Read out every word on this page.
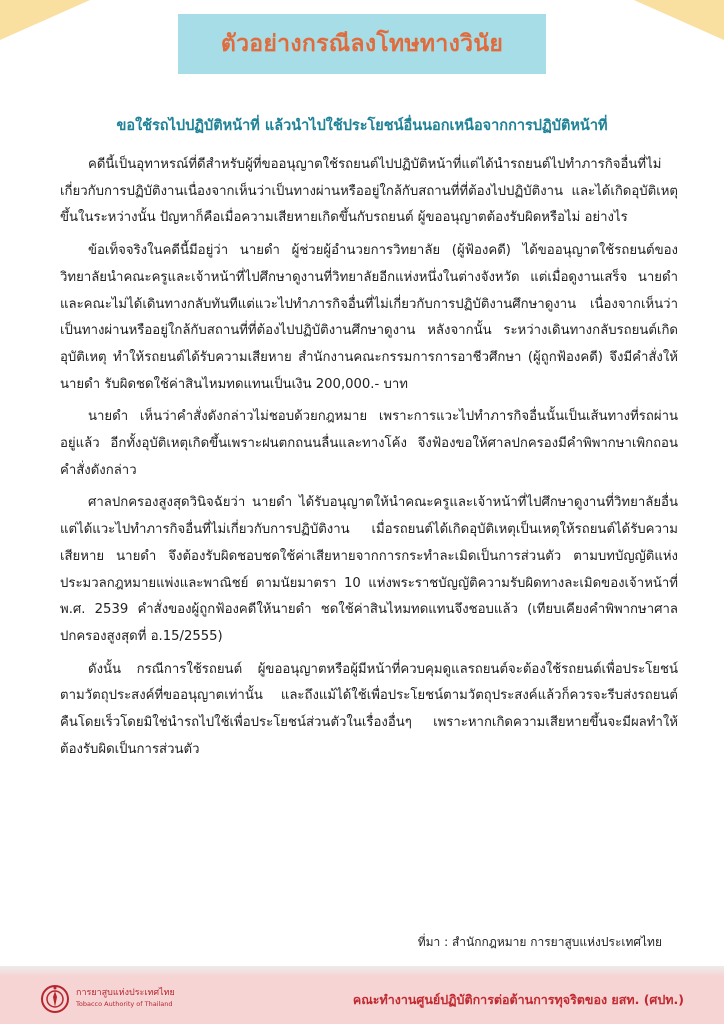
ตัวอย่างกรณีลงโทษทางวินัย
ขอใช้รถไปปฏิบัติหน้าที่ แล้วนำไปใช้ประโยชน์อื่นนอกเหนือจากการปฏิบัติหน้าที่

คดีนี้เป็นอุทาหรณ์ที่ดีสำหรับผู้ที่ขออนุญาตใช้รถยนต์ไปปฏิบัติหน้าที่แต่ได้นำรถยนต์ไปทำภารกิจอื่นที่ไม่เกี่ยวกับการปฏิบัติงานเนื่องจากเห็นว่าเป็นทางผ่านหรืออยู่ใกล้กับสถานที่ที่ต้องไปปฏิบัติงาน และได้เกิดอุบัติเหตุขึ้นในระหว่างนั้น ปัญหาก็คือเมื่อความเสียหายเกิดขึ้นกับรถยนต์ ผู้ขออนุญาตต้องรับผิดหรือไม่ อย่างไร

ข้อเท็จจริงในคดีนี้มีอยู่ว่า นายดำ ผู้ช่วยผู้อำนวยการวิทยาลัย (ผู้ฟ้องคดี) ได้ขออนุญาตใช้รถยนต์ของวิทยาลัยนำคณะครูและเจ้าหน้าที่ไปศึกษาดูงานที่วิทยาลัยอีกแห่งหนึ่งในต่างจังหวัด แต่เมื่อดูงานเสร็จ นายดำ และคณะไม่ได้เดินทางกลับทันทีแต่แวะไปทำภารกิจอื่นที่ไม่เกี่ยวกับการปฏิบัติงานศึกษาดูงาน เนื่องจากเห็นว่าเป็นทางผ่านหรืออยู่ใกล้กับสถานที่ที่ต้องไปปฏิบัติงานศึกษาดูงาน หลังจากนั้น ระหว่างเดินทางกลับรถยนต์เกิดอุบัติเหตุ ทำให้รถยนต์ได้รับความเสียหาย สำนักงานคณะกรรมการการอาชีวศึกษา (ผู้ถูกฟ้องคดี) จึงมีคำสั่งให้นายดำ รับผิดชดใช้ค่าสินไหมทดแทนเป็นเงิน 200,000.- บาท

นายดำ เห็นว่าคำสั่งดังกล่าวไม่ชอบด้วยกฎหมาย เพราะการแวะไปทำภารกิจอื่นนั้นเป็นเส้นทางที่รถผ่านอยู่แล้ว อีกทั้งอุบัติเหตุเกิดขึ้นเพราะฝนตกถนนลื่นและทางโค้ง จึงฟ้องขอให้ศาลปกครองมีคำพิพากษาเพิกถอนคำสั่งดังกล่าว

ศาลปกครองสูงสุดวินิจฉัยว่า นายดำ ได้รับอนุญาตให้นำคณะครูและเจ้าหน้าที่ไปศึกษาดูงานที่วิทยาลัยอื่น แต่ได้แวะไปทำภารกิจอื่นที่ไม่เกี่ยวกับการปฏิบัติงาน เมื่อรถยนต์ได้เกิดอุบัติเหตุเป็นเหตุให้รถยนต์ได้รับความเสียหาย นายดำ จึงต้องรับผิดชอบชดใช้ค่าเสียหายจากการกระทำละเมิดเป็นการส่วนตัว ตามบทบัญญัติแห่งประมวลกฎหมายแพ่งและพาณิชย์ ตามนัยมาตรา 10 แห่งพระราชบัญญัติความรับผิดทางละเมิดของเจ้าหน้าที่ พ.ศ. 2539 คำสั่งของผู้ถูกฟ้องคดีให้นายดำ ชดใช้ค่าสินไหมทดแทนจึงชอบแล้ว (เทียบเคียงคำพิพากษาศาลปกครองสูงสุดที่ อ.15/2555)

ดังนั้น กรณีการใช้รถยนต์ ผู้ขออนุญาตหรือผู้มีหน้าที่ควบคุมดูแลรถยนต์จะต้องใช้รถยนต์เพื่อประโยชน์ตามวัตถุประสงค์ที่ขออนุญาตเท่านั้น และถึงแม้ได้ใช้เพื่อประโยชน์ตามวัตถุประสงค์แล้วก็ควรจะรีบส่งรถยนต์คืนโดยเร็วโดยมิใช่นำรถไปใช้เพื่อประโยชน์ส่วนตัวในเรื่องอื่นๆ เพราะหากเกิดความเสียหายขึ้นจะมีผลทำให้ต้องรับผิดเป็นการส่วนตัว

ที่มา : สำนักกฎหมาย การยาสูบแห่งประเทศไทย
การยาสูบแห่งประเทศไทย
Tobacco Authority of Thailand	คณะทำงานศูนย์ปฏิบัติการต่อต้านการทุจริตของ ยสท. (ศปท.)
